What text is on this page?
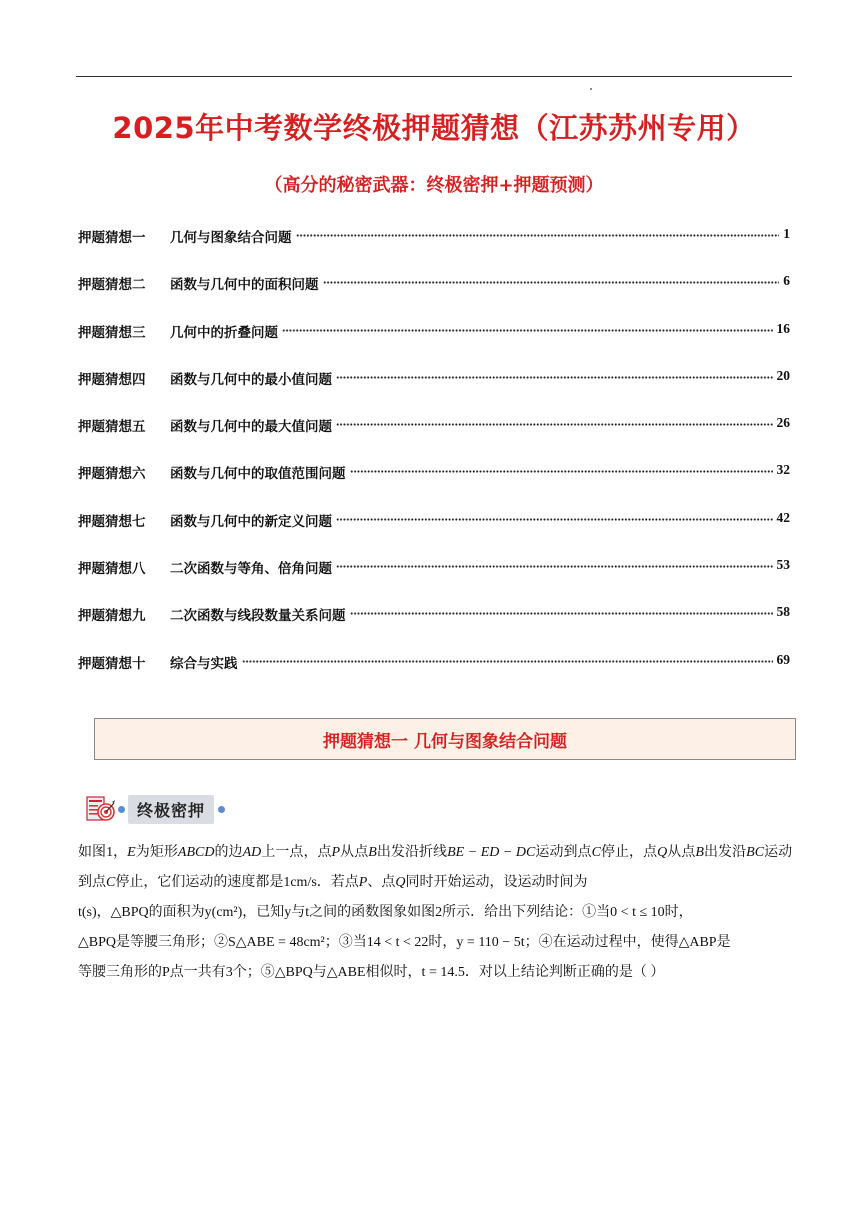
2025年中考数学终极押题猜想（江苏苏州专用）
（高分的秘密武器：终极密押+押题预测）
押题猜想一	几何与图象结合问题	1
押题猜想二	函数与几何中的面积问题	6
押题猜想三	几何中的折叠问题	16
押题猜想四	函数与几何中的最小值问题	20
押题猜想五	函数与几何中的最大值问题	26
押题猜想六	函数与几何中的取值范围问题	32
押题猜想七	函数与几何中的新定义问题	42
押题猜想八	二次函数与等角、倍角问题	53
押题猜想九	二次函数与线段数量关系问题	58
押题猜想十	综合与实践	69
押题猜想一 几何与图象结合问题
终极密押

如图1，E为矩形ABCD的边AD上一点，点P从点B出发沿折线BE − ED − DC运动到点C停止，点Q从点B出发沿BC运动到点C停止，它们运动的速度都是1cm/s．若点P、点Q同时开始运动，设运动时间为

t(s)，△BPQ的面积为y(cm²)，已知y与t之间的函数图象如图2所示．给出下列结论：①当0 < t ≤ 10时，

△BPQ是等腰三角形；②S△ABE = 48cm²；③当14 < t < 22时，y = 110 − 5t；④在运动过程中，使得△ABP是

等腰三角形的P点一共有3个；⑤△BPQ与△ABE相似时，t = 14.5．对以上结论判断正确的是（ ）
